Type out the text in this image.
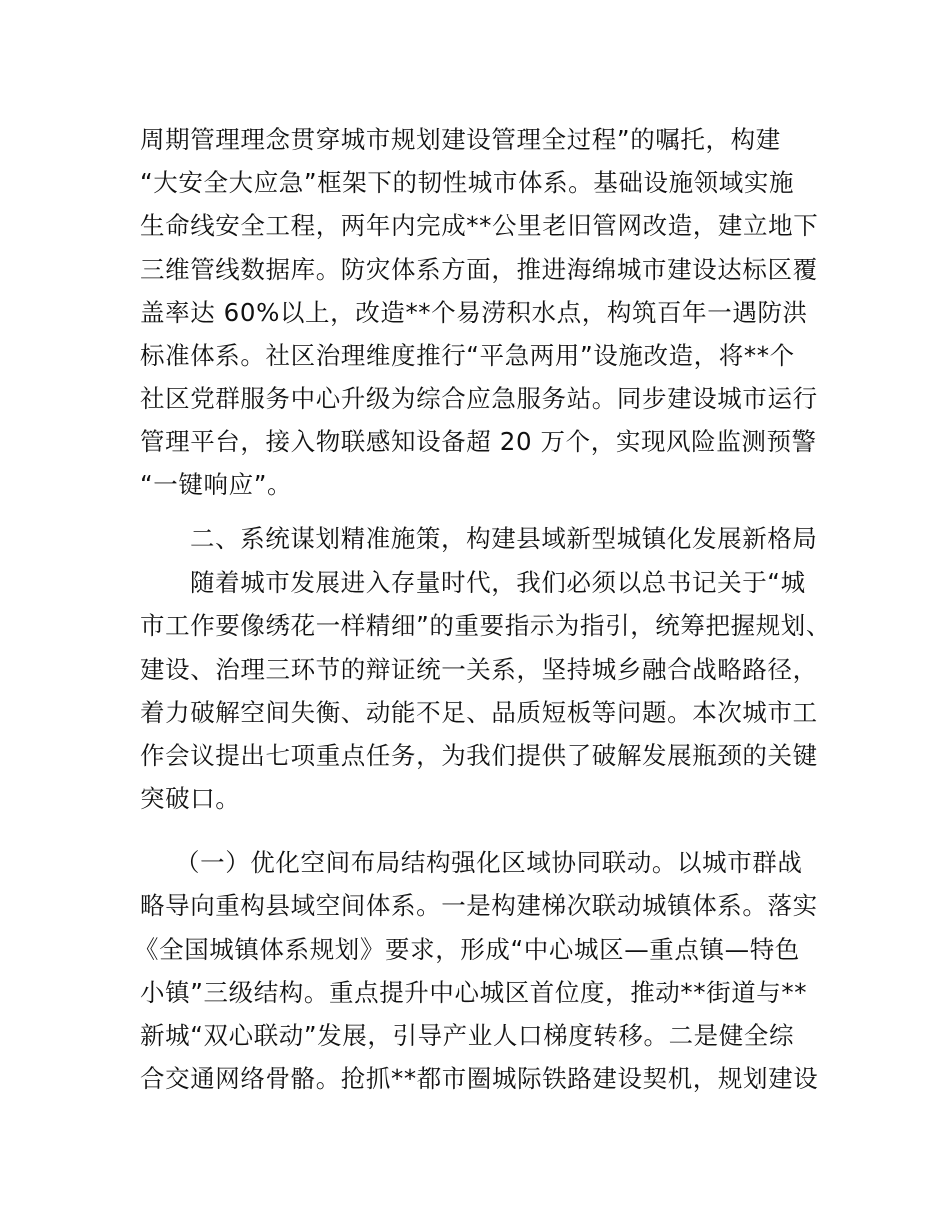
周期管理理念贯穿城市规划建设管理全过程”的嘱托，构建
“大安全大应急”框架下的韧性城市体系。基础设施领域实施
生命线安全工程，两年内完成**公里老旧管网改造，建立地下
三维管线数据库。防灾体系方面，推进海绵城市建设达标区覆
盖率达 60%以上，改造**个易涝积水点，构筑百年一遇防洪
标准体系。社区治理维度推行“平急两用”设施改造，将**个
社区党群服务中心升级为综合应急服务站。同步建设城市运行
管理平台，接入物联感知设备超 20 万个，实现风险监测预警
“一键响应”。
二、系统谋划精准施策，构建县域新型城镇化发展新格局
随着城市发展进入存量时代，我们必须以总书记关于“城
市工作要像绣花一样精细”的重要指示为指引，统筹把握规划、
建设、治理三环节的辩证统一关系，坚持城乡融合战略路径，
着力破解空间失衡、动能不足、品质短板等问题。本次城市工
作会议提出七项重点任务，为我们提供了破解发展瓶颈的关键
突破口。
（一）优化空间布局结构强化区域协同联动。以城市群战
略导向重构县域空间体系。一是构建梯次联动城镇体系。落实
《全国城镇体系规划》要求，形成“中心城区—重点镇—特色
小镇”三级结构。重点提升中心城区首位度，推动**街道与**
新城“双心联动”发展，引导产业人口梯度转移。二是健全综
合交通网络骨骼。抢抓**都市圈城际铁路建设契机，规划建设
